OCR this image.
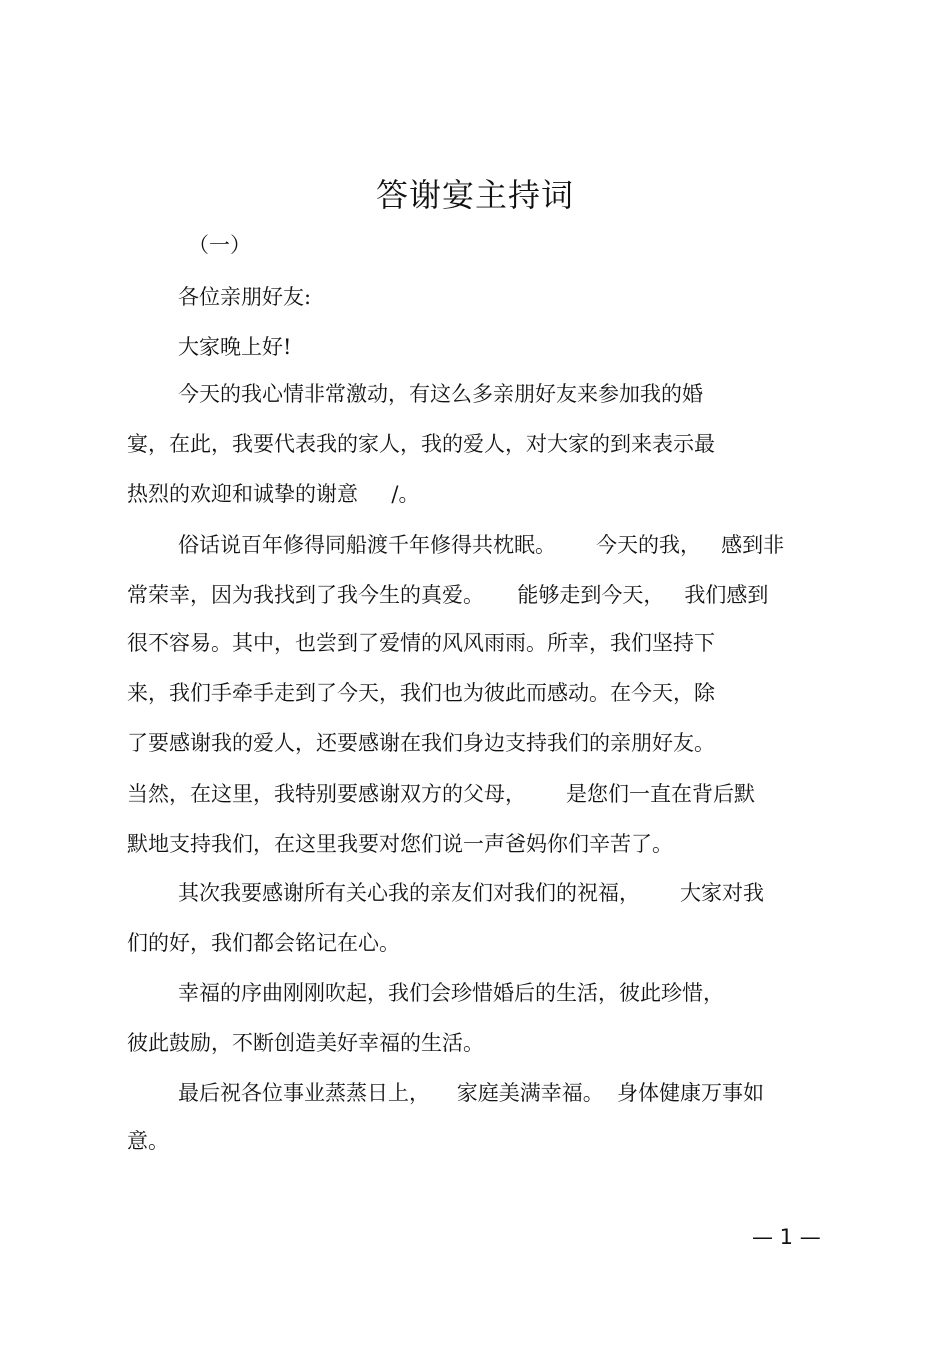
答谢宴主持词
（一）
各位亲朋好友:
大家晚上好!
今天的我心情非常激动，有这么多亲朋好友来参加我的婚
宴，在此，我要代表我的家人，我的爱人，对大家的到来表示最
热烈的欢迎和诚挚的谢意     /。
俗话说百年修得同船渡千年修得共枕眠。      今天的我，   感到非
常荣幸，因为我找到了我今生的真爱。     能够走到今天，   我们感到
很不容易。其中，也尝到了爱情的风风雨雨。所幸，我们坚持下
来，我们手牵手走到了今天，我们也为彼此而感动。在今天，除
了要感谢我的爱人，还要感谢在我们身边支持我们的亲朋好友。
当然，在这里，我特别要感谢双方的父母，      是您们一直在背后默
默地支持我们，在这里我要对您们说一声爸妈你们辛苦了。
其次我要感谢所有关心我的亲友们对我们的祝福，      大家对我
们的好，我们都会铭记在心。
幸福的序曲刚刚吹起，我们会珍惜婚后的生活，彼此珍惜，
彼此鼓励，不断创造美好幸福的生活。
最后祝各位事业蒸蒸日上，    家庭美满幸福。  身体健康万事如
意。
— 1 —
